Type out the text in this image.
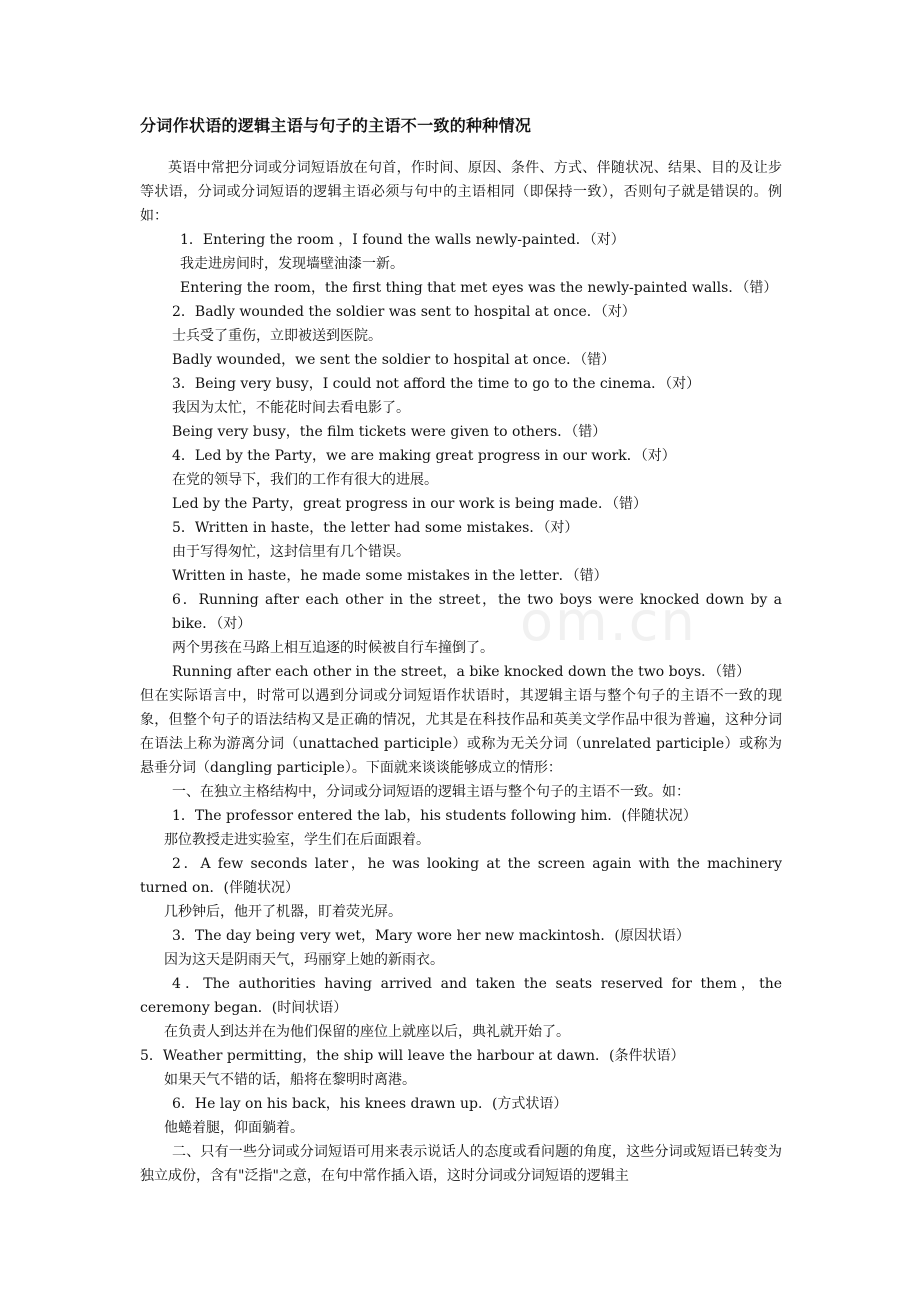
分词作状语的逻辑主语与句子的主语不一致的种种情况

英语中常把分词或分词短语放在句首，作时间、原因、条件、方式、伴随状况、结果、目的及让步等状语，分词或分词短语的逻辑主语必须与句中的主语相同（即保持一致），否则句子就是错误的。例如：

1．Entering the room ，I found the walls newly-painted．（对）

我走进房间时，发现墙壁油漆一新。

Entering the room，the first thing that met eyes was the newly-painted walls．（错）

2．Badly wounded the soldier was sent to hospital at once．（对）

士兵受了重伤，立即被送到医院。

Badly wounded，we sent the soldier to hospital at once．（错）

3．Being very busy，I could not afford the time to go to the cinema．（对）

我因为太忙，不能花时间去看电影了。

Being very busy，the film tickets were given to others．（错）

4．Led by the Party，we are making great progress in our work．（对）

在党的领导下，我们的工作有很大的进展。

Led by the Party，great progress in our work is being made．（错）

5．Written in haste，the letter had some mistakes．（对）

由于写得匆忙，这封信里有几个错误。

Written in haste，he made some mistakes in the letter．（错）

6．Running after each other in the street，the two boys were knocked down by a bike．（对）

两个男孩在马路上相互追逐的时候被自行车撞倒了。

Running after each other in the street，a bike knocked down the two boys．（错）

但在实际语言中，时常可以遇到分词或分词短语作状语时，其逻辑主语与整个句子的主语不一致的现象，但整个句子的语法结构又是正确的情况，尤其是在科技作品和英美文学作品中很为普遍，这种分词在语法上称为游离分词（unattached participle）或称为无关分词（unrelated participle）或称为悬垂分词（dangling participle）。下面就来谈谈能够成立的情形：

一、在独立主格结构中，分词或分词短语的逻辑主语与整个句子的主语不一致。如：

1．The professor entered the lab，his students following him．(伴随状况）

那位教授走进实验室，学生们在后面跟着。

2．A few seconds later，he was looking at the screen again with the machinery turned on．(伴随状况）

几秒钟后，他开了机器，盯着荧光屏。

3．The day being very wet，Mary wore her new mackintosh．(原因状语）

因为这天是阴雨天气，玛丽穿上她的新雨衣。

4．The authorities having arrived and taken the seats reserved for them，the ceremony began．(时间状语）

在负责人到达并在为他们保留的座位上就座以后，典礼就开始了。

5．Weather permitting，the ship will leave the harbour at dawn．(条件状语）

如果天气不错的话，船将在黎明时离港。

6．He lay on his back，his knees drawn up．(方式状语）

他蜷着腿，仰面躺着。

二、只有一些分词或分词短语可用来表示说话人的态度或看问题的角度，这些分词或短语已转变为独立成份，含有"泛指"之意，在句中常作插入语，这时分词或分词短语的逻辑主

om.cn
